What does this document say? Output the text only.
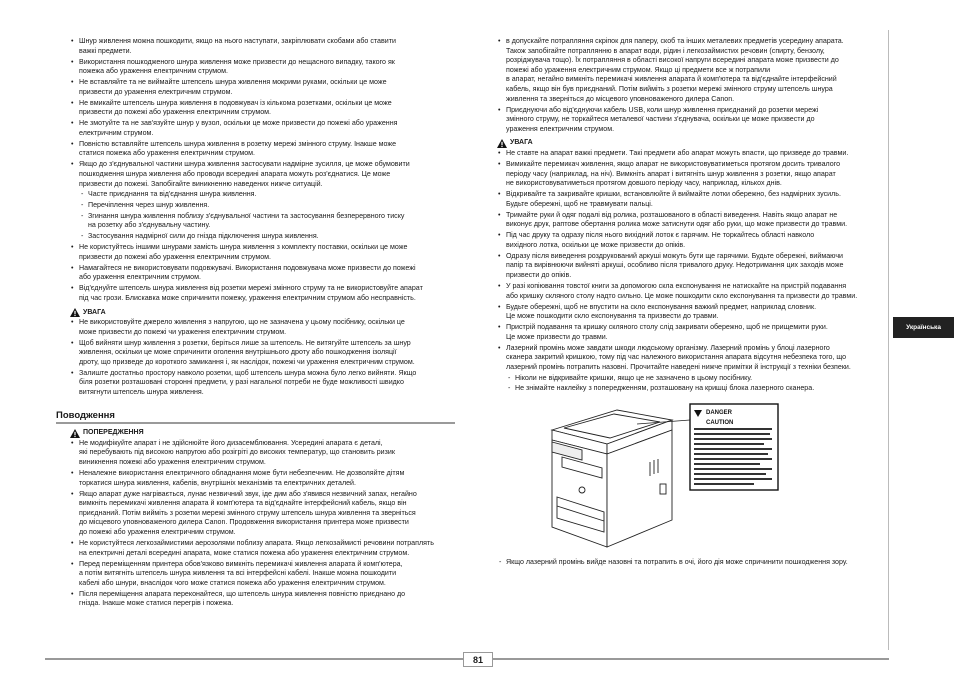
• Шнур живлення можна пошкодити, якщо на нього наступати, закріплювати скобами або ставити
важкі предмети.
• Використання пошкодженого шнура живлення може призвести до нещасного випадку, такого як
пожежа або ураження електричним струмом.
• Не вставляйте та не виймайте штепсель шнура живлення мокрими руками, оскільки це може
призвести до ураження електричним струмом.
• Не вмикайте штепсель шнура живлення в подовжувач із кількома розетками, оскільки це може
призвести до пожежі або ураження електричним струмом.
• Не змотуйте та не зав'язуйте шнур у вузол, оскільки це може призвести до пожежі або ураження
електричним струмом.
• Повністю вставляйте штепсель шнура живлення в розетку мережі змінного струму. Інакше може
статися пожежа або ураження електричним струмом.
• Якщо до з'єднувальної частини шнура живлення застосувати надмірне зусилля, це може обумовити
пошкодження шнура живлення або проводи всередині апарата можуть роз'єднатися. Це може
призвести до пожежі. Запобігайте виникненню наведених нижче ситуацій.
- Часте приєднання та від'єднання шнура живлення.
- Перечіплення через шнур живлення.
- Згинання шнура живлення поблизу з'єднувальної частини та застосування безперервного тиску
на розетку або з'єднувальну частину.
- Застосування надмірної сили до гнізда підключення шнура живлення.
• Не користуйтесь іншими шнурами замість шнура живлення з комплекту поставки, оскільки це може
призвести до пожежі або ураження електричним струмом.
• Намагайтеся не використовувати подовжувачі. Використання подовжувача може призвести до пожежі
або ураження електричним струмом.
• Від'єднуйте штепсель шнура живлення від розетки мережі змінного струму та не використовуйте апарат
під час грози. Блискавка може спричинити пожежу, ураження електричним струмом або несправність.
УВАГА
• Не використовуйте джерело живлення з напругою, що не зазначена у цьому посібнику, оскільки це
може призвести до пожежі чи ураження електричним струмом.
• Щоб вийняти шнур живлення з розетки, беріться лише за штепсель. Не витягуйте штепсель за шнур
живлення, оскільки це може спричинити оголення внутрішнього дроту або пошкодження ізоляції
дроту, що призведе до короткого замикання і, як наслідок, пожежі чи ураження електричним струмом.
• Залиште достатньо простору навколо розетки, щоб штепсель шнура можна було легко вийняти. Якщо
біля розетки розташовані сторонні предмети, у разі нагальної потреби не буде можливості швидко
витягнути штепсель шнура живлення.
Поводження
ПОПЕРЕДЖЕННЯ
• Не модифікуйте апарат і не здійснюйте його дизасемблювання. Усередині апарата є деталі,
які перебувають під високою напругою або розігріті до високих температур, що становить ризик
виникнення пожежі або ураження електричним струмом.
• Неналежне використання електричного обладнання може бути небезпечним. Не дозволяйте дітям
торкатися шнура живлення, кабелів, внутрішніх механізмів та електричних деталей.
• Якщо апарат дуже нагрівається, лунає незвичний звук, іде дим або з'явився незвичний запах, негайно
вимкніть перемикачі живлення апарата й комп'ютера та від'єднайте інтерфейсний кабель, якщо він
приєднаний. Потім вийміть з розетки мережі змінного струму штепсель шнура живлення та зверніться
до місцевого уповноваженого дилера Canon. Продовження використання принтера може призвести
до пожежі або ураження електричним струмом.
• Не користуйтеся легкозаймистими аерозолями поблизу апарата. Якщо легкозаймисті речовини потраплять
на електричні деталі всередині апарата, може статися пожежа або ураження електричним струмом.
• Перед переміщенням принтера обов'язково вимкніть перемикачі живлення апарата й комп'ютера,
а потім витягніть штепсель шнура живлення та всі інтерфейсні кабелі. Інакше можна пошкодити
кабелі або шнури, внаслідок чого може статися пожежа або ураження електричним струмом.
• Після переміщення апарата переконайтеся, що штепсель шнура живлення повністю приєднано до
гнізда. Інакше може статися перегрів і пожежа.
• в допускайте потрапляння скріпок для паперу, скоб та інших металевих предметів усередину апарата.
Також запобігайте потраплянню в апарат води, рідин і легкозаймистих речовин (спирту, бензолу,
розріджувача тощо). Їх потрапляння в області високої напруги всередині апарата може призвести до
пожежі або ураження електричним струмом. Якщо ці предмети все ж потрапили
в апарат, негайно вимкніть перемикачі живлення апарата й комп'ютера та від'єднайте інтерфейсний
кабель, якщо він був приєднаний. Потім вийміть з розетки мережі змінного струму штепсель шнура
живлення та зверніться до місцевого уповноваженого дилера Canon.
• Приєднуючи або від'єднуючи кабель USB, коли шнур живлення приєднаний до розетки мережі
змінного струму, не торкайтеся металевої частини з'єднувача, оскільки це може призвести до
ураження електричним струмом.
УВАГА
• Не ставте на апарат важкі предмети. Такі предмети або апарат можуть впасти, що призведе до травми.
• Вимикайте перемикач живлення, якщо апарат не використовуватиметься протягом досить тривалого
періоду часу (наприклад, на ніч). Вимкніть апарат і витягніть шнур живлення з розетки, якщо апарат
не використовуватиметься протягом довшого періоду часу, наприклад, кількох днів.
• Відкривайте та закривайте кришки, встановлюйте й виймайте лотки обережно, без надмірних зусиль.
Будьте обережні, щоб не травмувати пальці.
• Тримайте руки й одяг подалі від ролика, розташованого в області виведення. Навіть якщо апарат не
виконує друк, раптове обертання ролика може затиснути одяг або руки, що може призвести до травми.
• Під час друку та одразу після нього вихідний лоток є гарячим. Не торкайтесь області навколо
вихідного лотка, оскільки це може призвести до опіків.
• Одразу після виведення роздрукований аркуші можуть бути ще гарячими. Будьте обережні, виймаючи
папір та вирівнюючи вийняті аркуші, особливо після тривалого друку. Недотримання цих заходів може
призвести до опіків.
• У разі копіювання товстої книги за допомогою скла експонування не натискайте на пристрій подавання
або кришку скляного столу надто сильно. Це може пошкодити скло експонування та призвести до травми.
• Будьте обережні, щоб не впустити на скло експонування важкий предмет, наприклад словник.
Це може пошкодити скло експонування та призвести до травми.
• Пристрій подавання та кришку скляного столу слід закривати обережно, щоб не прищемити руки.
Це може призвести до травми.
• Лазерний промінь може завдати шкоди людському організму. Лазерний промінь у блоці лазерного
сканера закритий кришкою, тому під час належного використання апарата відсутня небезпека того, що
лазерний промінь потрапить назовні. Прочитайте наведені нижче примітки й інструкції з техніки безпеки.
- Ніколи не відкривайте кришки, якщо це не зазначено в цьому посібнику.
- Не знімайте наклейку з попередженням, розташовану на кришці блока лазерного сканера.
DANGER
CAUTION
- Якщо лазерний промінь вийде назовні та потрапить в очі, його дія може спричинити пошкодження зору.
Українська
81
